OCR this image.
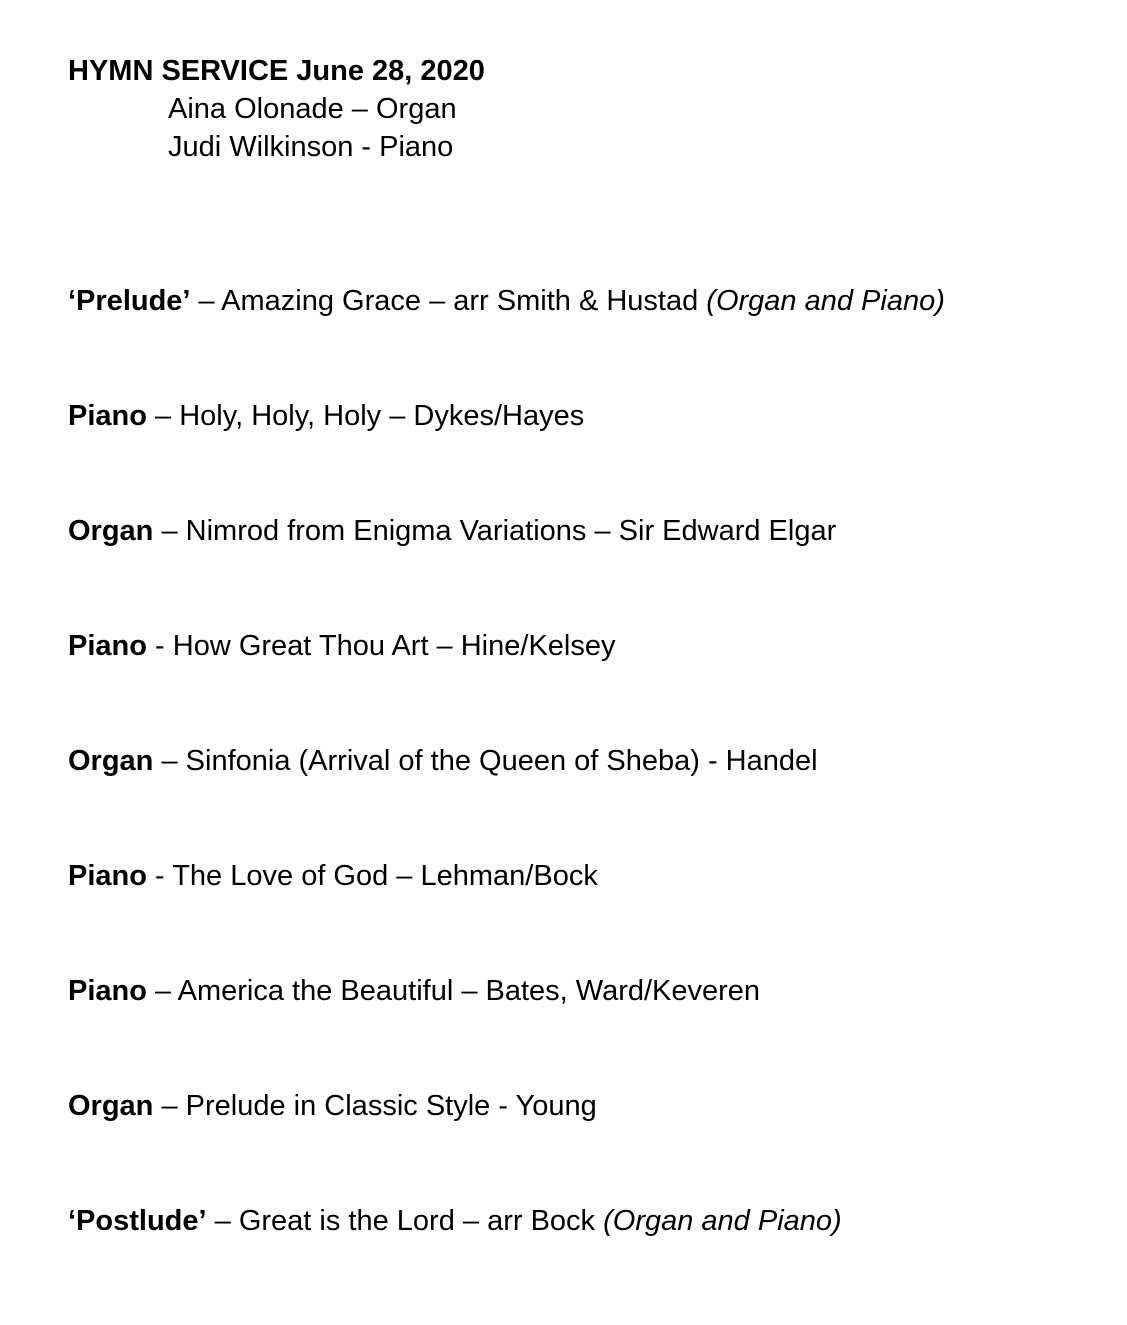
HYMN SERVICE June 28, 2020
Aina Olonade – Organ
Judi Wilkinson - Piano
‘Prelude’ – Amazing Grace – arr Smith & Hustad (Organ and Piano)
Piano – Holy, Holy, Holy – Dykes/Hayes
Organ – Nimrod from Enigma Variations – Sir Edward Elgar
Piano - How Great Thou Art – Hine/Kelsey
Organ – Sinfonia (Arrival of the Queen of Sheba) - Handel
Piano - The Love of God – Lehman/Bock
Piano – America the Beautiful – Bates, Ward/Keveren
Organ – Prelude in Classic Style - Young
‘Postlude’ – Great is the Lord – arr Bock (Organ and Piano)
